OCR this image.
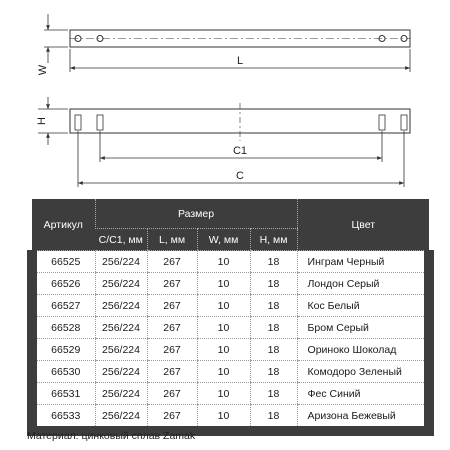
W
L
H
C1
C
Артикул	Размер				Цвет
	C/C1, мм	L, мм	W, мм	H, мм	
66525	256/224	267	10	18	Инграм Черный
66526	256/224	267	10	18	Лондон Серый
66527	256/224	267	10	18	Кос Белый
66528	256/224	267	10	18	Бром Серый
66529	256/224	267	10	18	Ориноко Шоколад
66530	256/224	267	10	18	Комодоро Зеленый
66531	256/224	267	10	18	Фес Синий
66533	256/224	267	10	18	Аризона Бежевый
Материал: цинковый сплав Zamak
